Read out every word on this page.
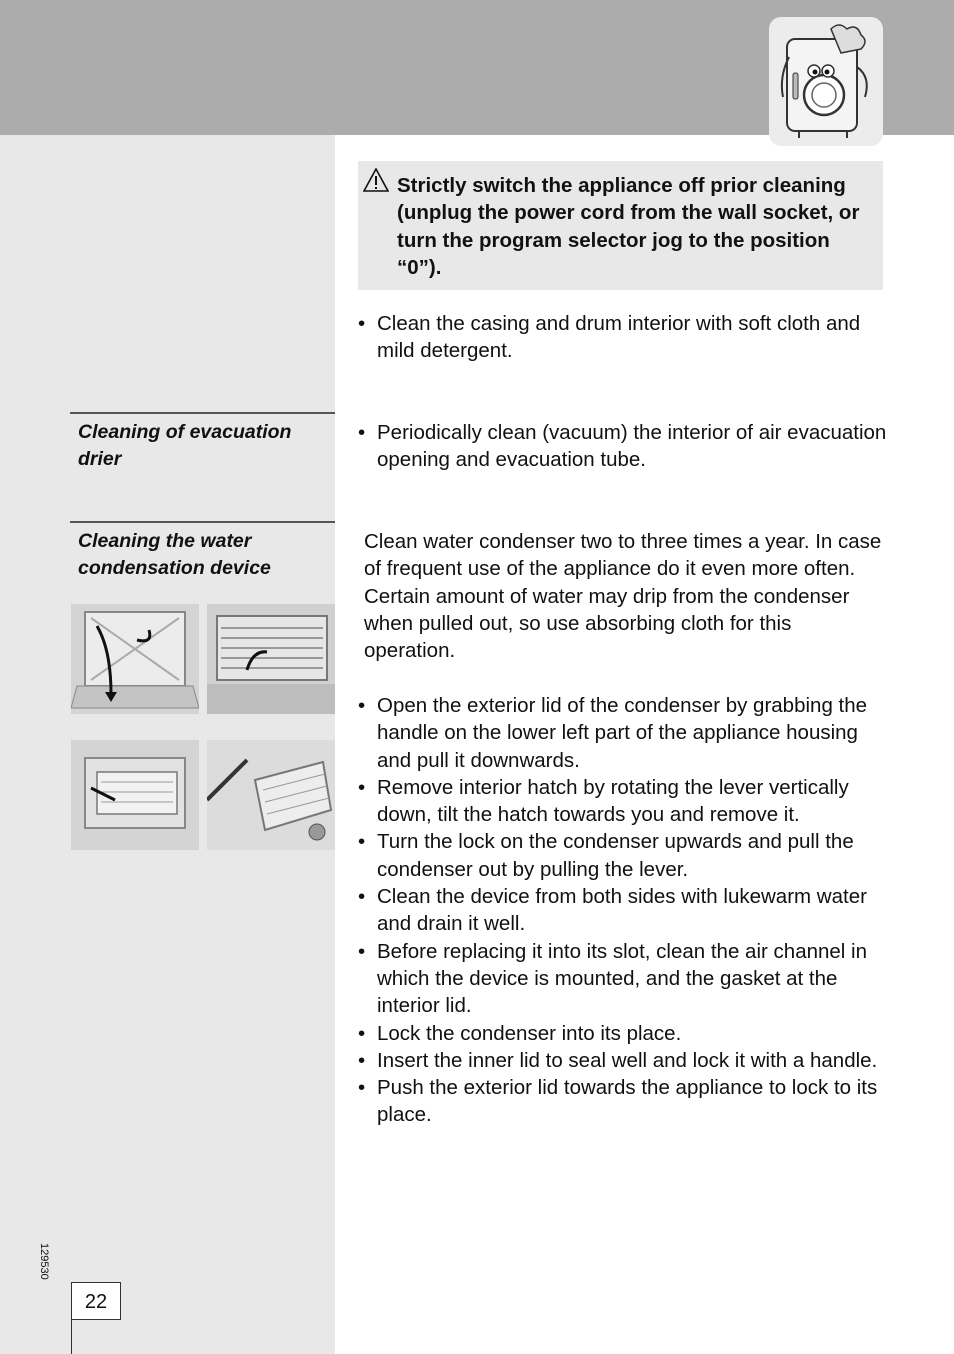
Strictly switch the appliance off prior cleaning (unplug the power cord from the wall socket, or turn the program selector jog to the position “0”).

• Clean the casing and drum interior with soft cloth and mild detergent.

Cleaning of evacuation drier

• Periodically clean (vacuum) the interior of air evacuation opening and evacuation tube.

Cleaning the water condensation device

Clean water condenser two to three times a year. In case of frequent use of the appliance do it even more often. Certain amount of water may drip from the condenser when pulled out, so use absorbing cloth for this operation.

• Open the exterior lid of the condenser by grabbing the handle on the lower left part of the appliance housing and pull it downwards.
• Remove interior hatch by rotating the lever vertically down, tilt the hatch towards you and remove it.
• Turn the lock on the condenser upwards and pull the condenser out by pulling the lever.
• Clean the device from both sides with lukewarm water and drain it well.
• Before replacing it into its slot, clean the air channel in which the device is mounted, and the gasket at the interior lid.
• Lock the condenser into its place.
• Insert the inner lid to seal well and lock it with a handle.
• Push the exterior lid towards the appliance to lock to its place.

129530

22
